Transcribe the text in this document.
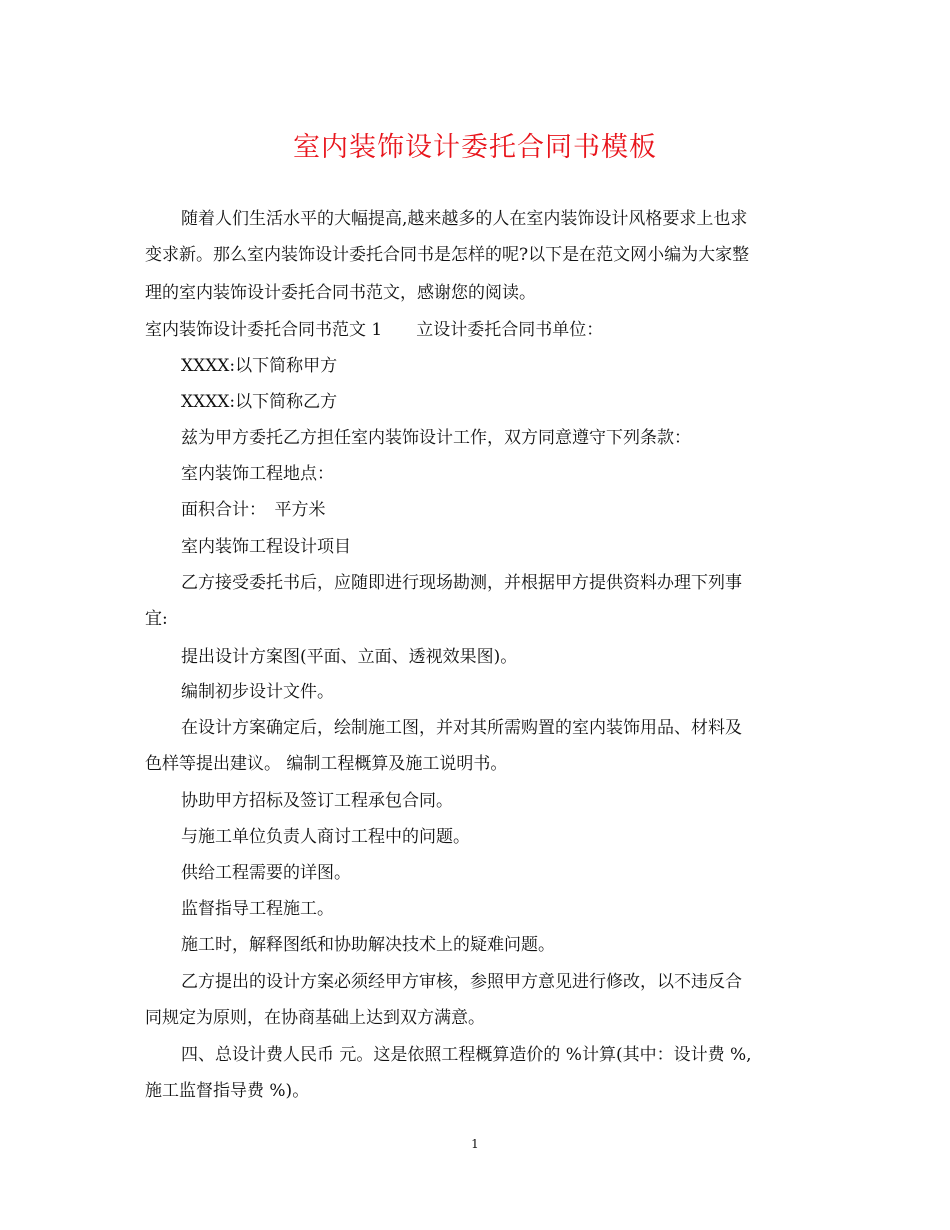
室内装饰设计委托合同书模板
随着人们生活水平的大幅提高,越来越多的人在室内装饰设计风格要求上也求
变求新。那么室内装饰设计委托合同书是怎样的呢?以下是在范文网小编为大家整
理的室内装饰设计委托合同书范文，感谢您的阅读。
室内装饰设计委托合同书范文 1　　立设计委托合同书单位：
XXXX:以下简称甲方
XXXX:以下简称乙方
兹为甲方委托乙方担任室内装饰设计工作，双方同意遵守下列条款：
室内装饰工程地点：
面积合计：　平方米
室内装饰工程设计项目
乙方接受委托书后，应随即进行现场勘测，并根据甲方提供资料办理下列事
宜:
提出设计方案图(平面、立面、透视效果图)。
编制初步设计文件。
在设计方案确定后，绘制施工图，并对其所需购置的室内装饰用品、材料及
色样等提出建议。 编制工程概算及施工说明书。
协助甲方招标及签订工程承包合同。
与施工单位负责人商讨工程中的问题。
供给工程需要的详图。
监督指导工程施工。
施工时，解释图纸和协助解决技术上的疑难问题。
乙方提出的设计方案必须经甲方审核，参照甲方意见进行修改，以不违反合
同规定为原则，在协商基础上达到双方满意。
四、总设计费人民币 元。这是依照工程概算造价的 %计算(其中：设计费 %,
施工监督指导费 %)。
1
